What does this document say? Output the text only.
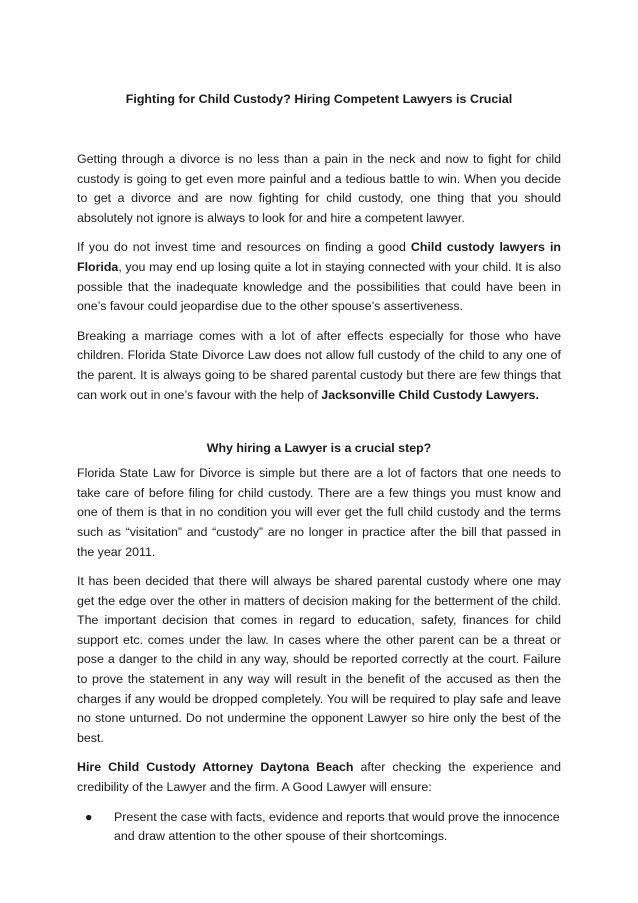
Fighting for Child Custody? Hiring Competent Lawyers is Crucial

Getting through a divorce is no less than a pain in the neck and now to fight for child custody is going to get even more painful and a tedious battle to win. When you decide to get a divorce and are now fighting for child custody, one thing that you should absolutely not ignore is always to look for and hire a competent lawyer.

If you do not invest time and resources on finding a good Child custody lawyers in Florida, you may end up losing quite a lot in staying connected with your child. It is also possible that the inadequate knowledge and the possibilities that could have been in one’s favour could jeopardise due to the other spouse’s assertiveness.

Breaking a marriage comes with a lot of after effects especially for those who have children. Florida State Divorce Law does not allow full custody of the child to any one of the parent. It is always going to be shared parental custody but there are few things that can work out in one’s favour with the help of Jacksonville Child Custody Lawyers.

Why hiring a Lawyer is a crucial step?

Florida State Law for Divorce is simple but there are a lot of factors that one needs to take care of before filing for child custody. There are a few things you must know and one of them is that in no condition you will ever get the full child custody and the terms such as “visitation” and “custody” are no longer in practice after the bill that passed in the year 2011.

It has been decided that there will always be shared parental custody where one may get the edge over the other in matters of decision making for the betterment of the child. The important decision that comes in regard to education, safety, finances for child support etc. comes under the law. In cases where the other parent can be a threat or pose a danger to the child in any way, should be reported correctly at the court. Failure to prove the statement in any way will result in the benefit of the accused as then the charges if any would be dropped completely. You will be required to play safe and leave no stone unturned. Do not undermine the opponent Lawyer so hire only the best of the best.

Hire Child Custody Attorney Daytona Beach after checking the experience and credibility of the Lawyer and the firm. A Good Lawyer will ensure:

● Present the case with facts, evidence and reports that would prove the innocence and draw attention to the other spouse of their shortcomings.
